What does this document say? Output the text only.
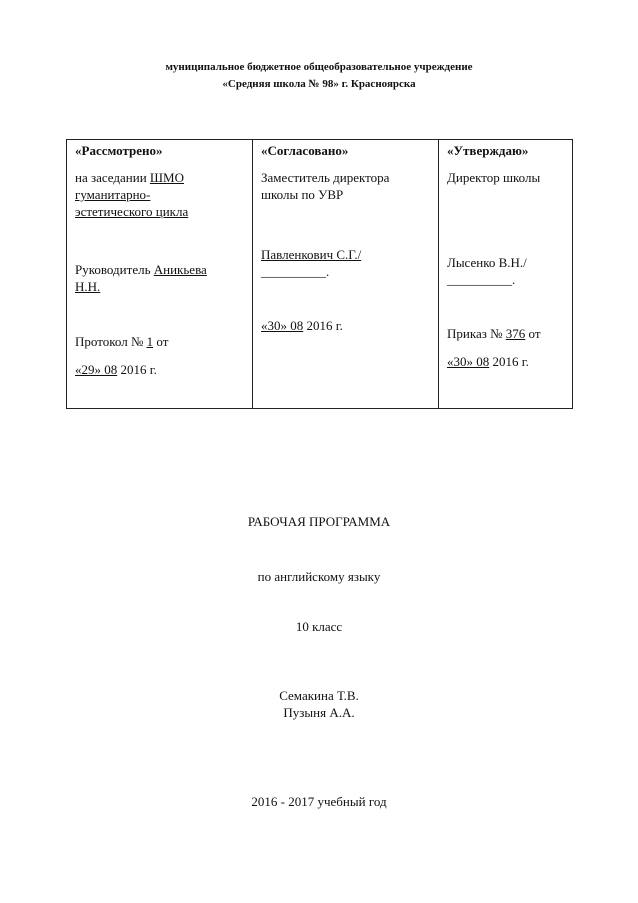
муниципальное бюджетное общеобразовательное учреждение
«Средняя школа № 98» г. Красноярска
«Рассмотрено»
на заседании ШМО
гуманитарно-
эстетического цикла
Руководитель Аникьева
Н.Н.
Протокол № 1 от
«29» 08 2016 г.

«Согласовано»
Заместитель директора
школы по УВР
Павленкович С.Г./
__________.
«30» 08 2016 г.

«Утверждаю»
Директор школы
Лысенко В.Н./
__________.
Приказ № 376 от
«30» 08 2016 г.
РАБОЧАЯ ПРОГРАММА
по английскому языку
10 класс
Семакина Т.В.
Пузыня А.А.
2016 - 2017 учебный год
